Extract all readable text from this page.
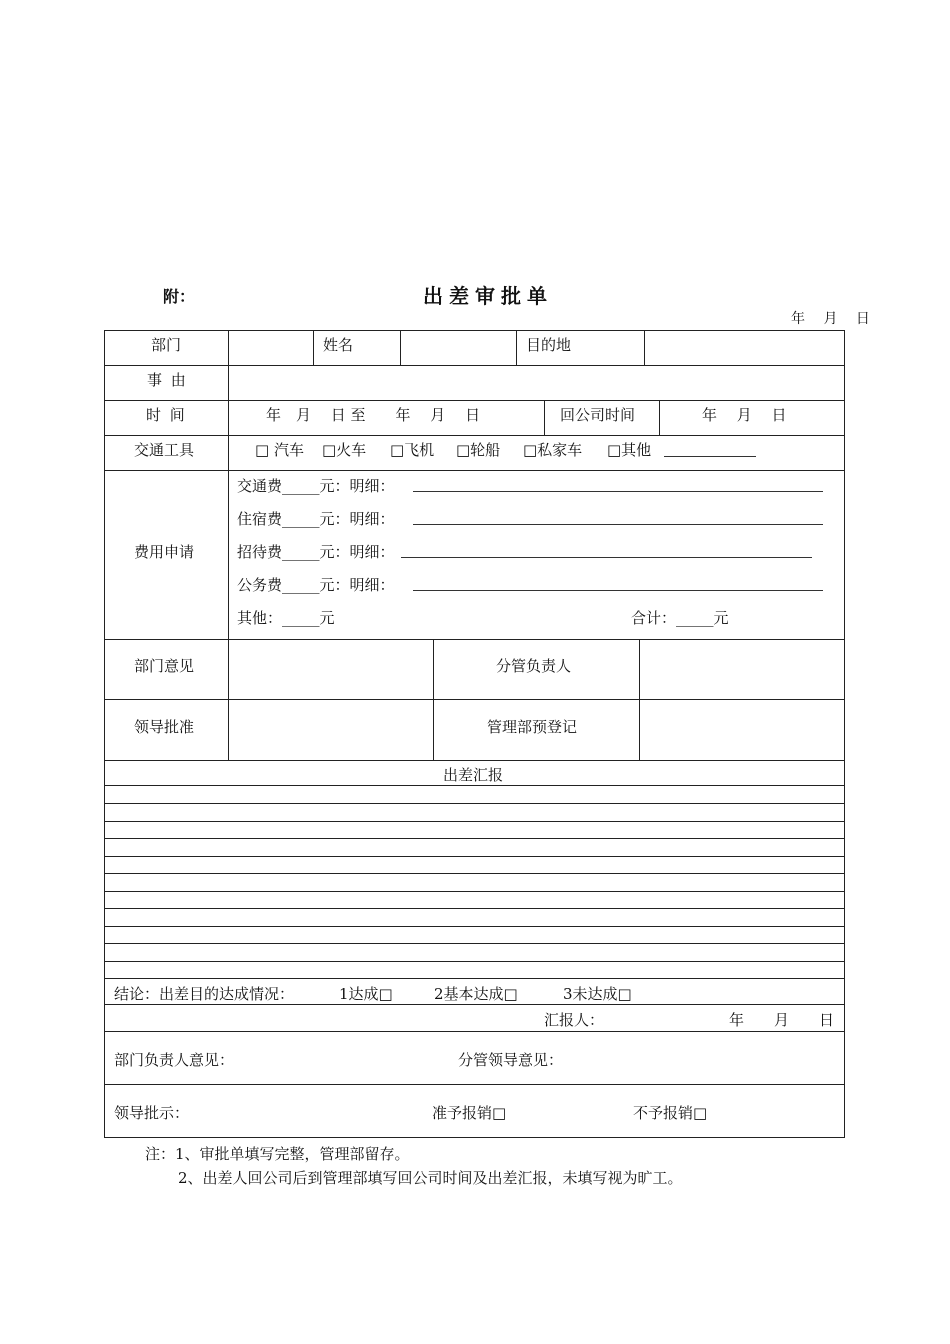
附：	出差审批单
年　 月　 日
部门	姓名	目的地
事 由
时 间	年　月　 日 至　　年　 月　 日	回公司时间	年　 月　 日
交通工具	□ 汽车 □火车 □飞机 □轮船 □私家车 □其他
费用申请
交通费_____元：明细：
住宿费_____元：明细：
招待费_____元：明细：
公务费_____元：明细：
其他：_____元	合计：_____元
部门意见	分管负责人
领导批准	管理部预登记
出差汇报
结论：出差目的达成情况：	1达成□	2基本达成□	3未达成□
汇报人：	年　　月　　日
部门负责人意见：	分管领导意见：
领导批示：	准予报销□	不予报销□
注：1、审批单填写完整，管理部留存。
2、出差人回公司后到管理部填写回公司时间及出差汇报，未填写视为旷工。
